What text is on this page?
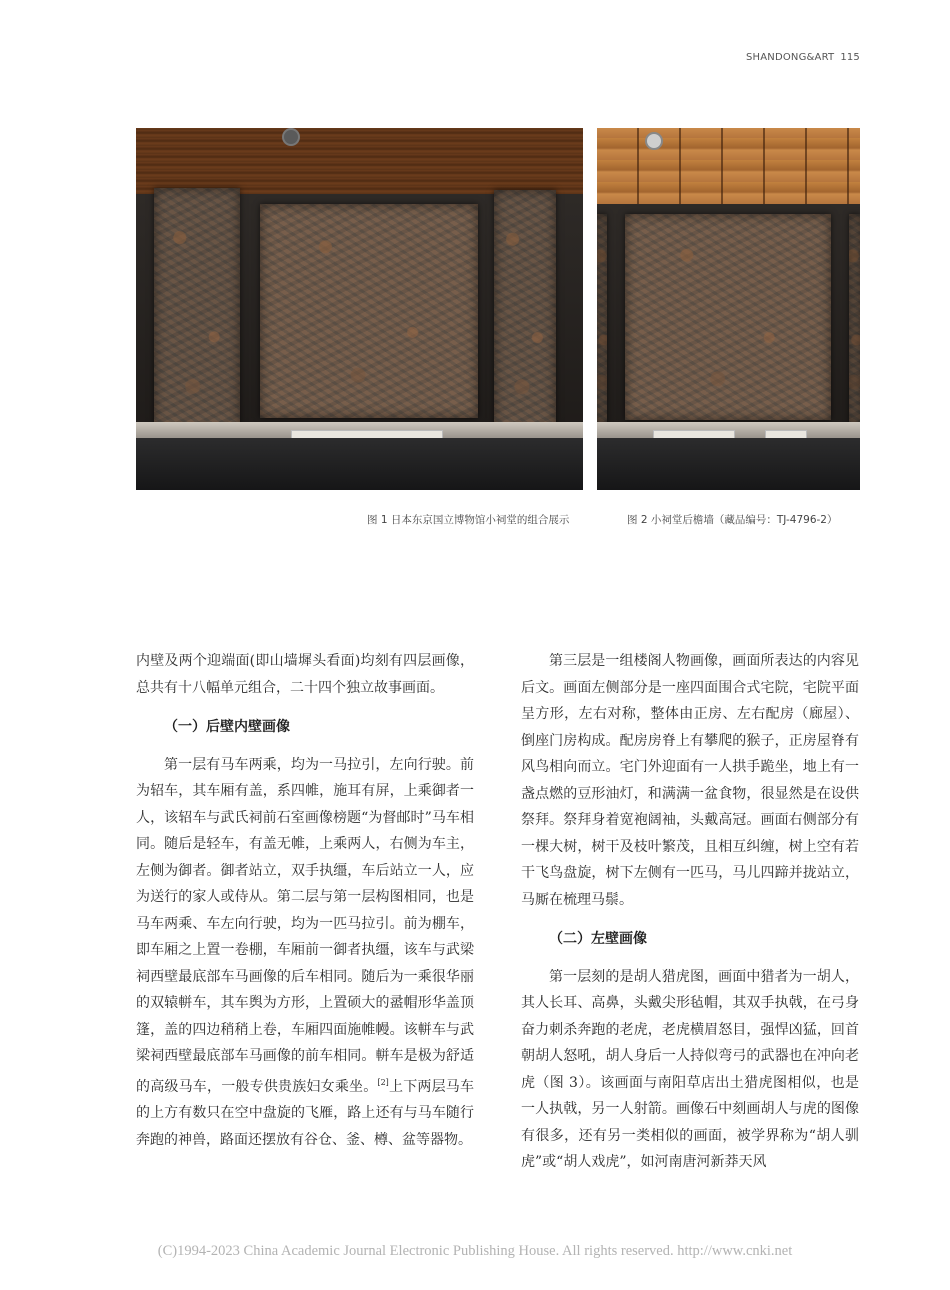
SHANDONG&ART 115
图 1 日本东京国立博物馆小祠堂的组合展示	图 2 小祠堂后檐墙（藏品编号：TJ-4796-2）

内壁及两个迎端面(即山墙墀头看面)均刻有四层画像，总共有十八幅单元组合，二十四个独立故事画面。

（一）后壁内壁画像

第一层有马车两乘，均为一马拉引，左向行驶。前为轺车，其车厢有盖，系四帷，施耳有屏，上乘御者一人，该轺车与武氏祠前石室画像榜题“为督邮时”马车相同。随后是轻车，有盖无帷，上乘两人，右侧为车主，左侧为御者。御者站立，双手执缰，车后站立一人，应为送行的家人或侍从。第二层与第一层构图相同，也是马车两乘、车左向行驶，均为一匹马拉引。前为棚车，即车厢之上置一卷棚，车厢前一御者执缰，该车与武梁祠西壁最底部车马画像的后车相同。随后为一乘很华丽的双辕軿车，其车舆为方形，上置硕大的盝帽形华盖顶篷，盖的四边稍稍上卷，车厢四面施帷幔。该軿车与武梁祠西壁最底部车马画像的前车相同。軿车是极为舒适的高级马车，一般专供贵族妇女乘坐。[2]上下两层马车的上方有数只在空中盘旋的飞雁，路上还有与马车随行奔跑的神兽，路面还摆放有谷仓、釜、樽、盆等器物。

第三层是一组楼阁人物画像，画面所表达的内容见后文。画面左侧部分是一座四面围合式宅院，宅院平面呈方形，左右对称，整体由正房、左右配房（廊屋）、倒座门房构成。配房房脊上有攀爬的猴子，正房屋脊有风鸟相向而立。宅门外迎面有一人拱手跪坐，地上有一盏点燃的豆形油灯，和满满一盆食物，很显然是在设供祭拜。祭拜身着宽袍阔袖，头戴高冠。画面右侧部分有一棵大树，树干及枝叶繁茂，且相互纠缠，树上空有若干飞鸟盘旋，树下左侧有一匹马，马儿四蹄并拢站立，马厮在梳理马鬃。

（二）左壁画像

第一层刻的是胡人猎虎图，画面中猎者为一胡人，其人长耳、高鼻，头戴尖形毡帽，其双手执戟，在弓身奋力刺杀奔跑的老虎，老虎横眉怒目，强悍凶猛，回首朝胡人怒吼，胡人身后一人持似弯弓的武器也在冲向老虎（图 3）。该画面与南阳草店出土猎虎图相似，也是一人执戟，另一人射箭。画像石中刻画胡人与虎的图像有很多，还有另一类相似的画面，被学界称为“胡人驯虎”或“胡人戏虎”，如河南唐河新莽天风

(C)1994-2023 China Academic Journal Electronic Publishing House. All rights reserved. http://www.cnki.net
